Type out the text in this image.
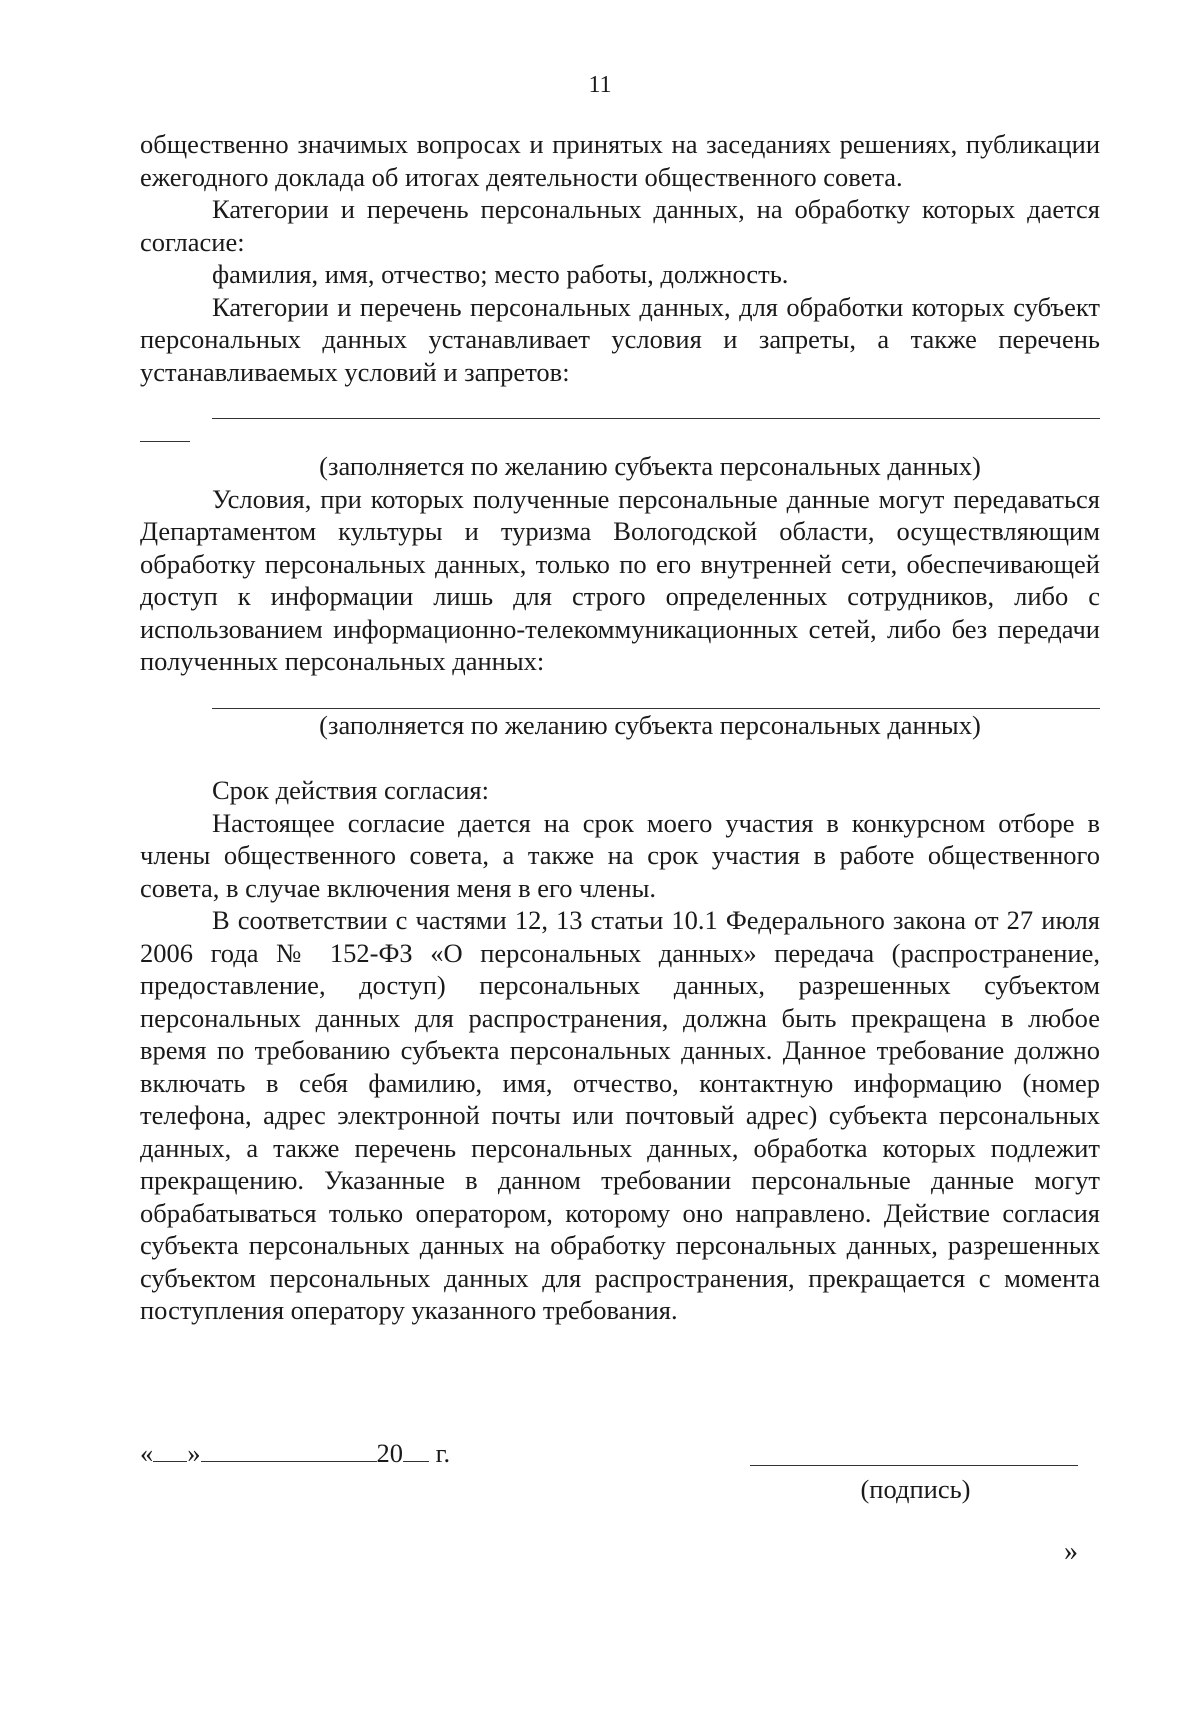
11

общественно значимых вопросах и принятых на заседаниях решениях, публикации ежегодного доклада об итогах деятельности общественного совета.

Категории и перечень персональных данных, на обработку которых дается согласие:

фамилия, имя, отчество; место работы, должность.

Категории и перечень персональных данных, для обработки которых субъект персональных данных устанавливает условия и запреты, а также перечень устанавливаемых условий и запретов:

(заполняется по желанию субъекта персональных данных)

Условия, при которых полученные персональные данные могут передаваться Департаментом культуры и туризма Вологодской области, осуществляющим обработку персональных данных, только по его внутренней сети, обеспечивающей доступ к информации лишь для строго определенных сотрудников, либо с использованием информационно-телекоммуникационных сетей, либо без передачи полученных персональных данных:

(заполняется по желанию субъекта персональных данных)

Срок действия согласия:

Настоящее согласие дается на срок моего участия в конкурсном отборе в члены общественного совета, а также на срок участия в работе общественного совета, в случае включения меня в его члены.

В соответствии с частями 12, 13 статьи 10.1 Федерального закона от 27 июля 2006 года № 152-ФЗ «О персональных данных» передача (распространение, предоставление, доступ) персональных данных, разрешенных субъектом персональных данных для распространения, должна быть прекращена в любое время по требованию субъекта персональных данных. Данное требование должно включать в себя фамилию, имя, отчество, контактную информацию (номер телефона, адрес электронной почты или почтовый адрес) субъекта персональных данных, а также перечень персональных данных, обработка которых подлежит прекращению. Указанные в данном требовании персональные данные могут обрабатываться только оператором, которому оно направлено. Действие согласия субъекта персональных данных на обработку персональных данных, разрешенных субъектом персональных данных для распространения, прекращается с момента поступления оператору указанного требования.

« »	20 г.
(подпись)
»
